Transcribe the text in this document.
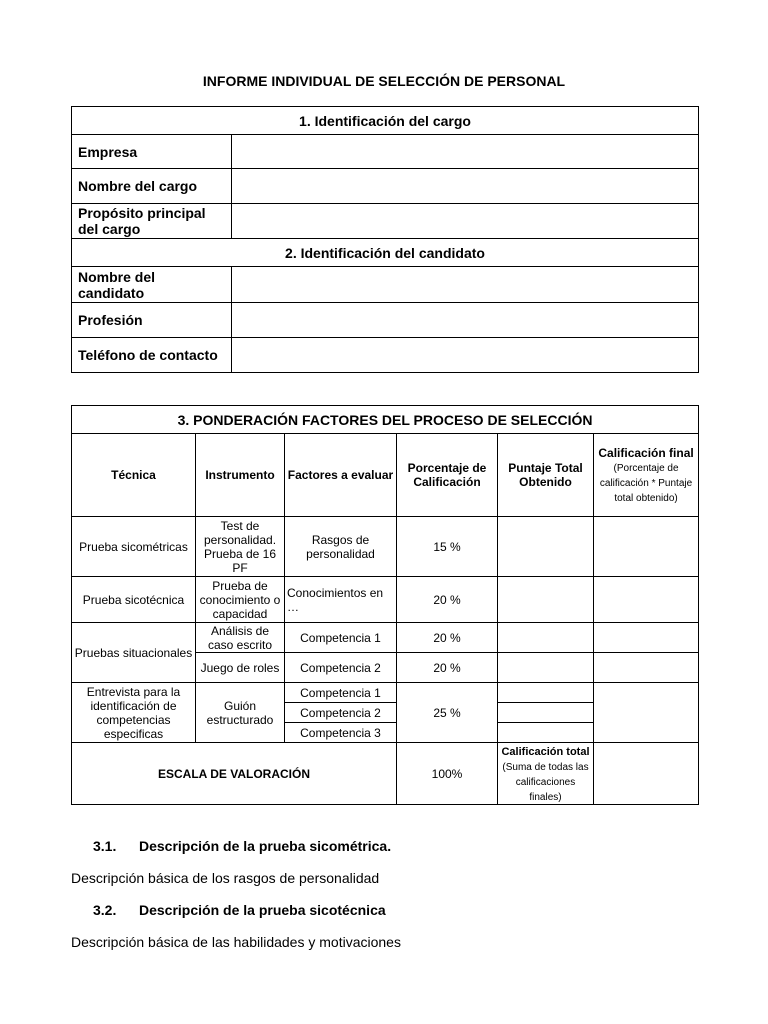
INFORME INDIVIDUAL DE SELECCIÓN DE PERSONAL
1. Identificación del cargo	
Empresa	
Nombre del cargo	
Propósito principal del cargo	
2. Identificación del candidato	
Nombre del candidato	
Profesión	
Teléfono de contacto	
3. PONDERACIÓN FACTORES DEL PROCESO DE SELECCIÓN					
Técnica	Instrumento	Factores a evaluar	Porcentaje de Calificación	Puntaje Total Obtenido	Calificación final
(Porcentaje de calificación * Puntaje total obtenido)
Prueba sicométricas	Test de personalidad. Prueba de 16 PF	Rasgos de personalidad	15 %		
Prueba sicotécnica	Prueba de conocimiento o capacidad	Conocimientos en …	20 %		
Pruebas situacionales	Análisis de caso escrito	Competencia 1	20 %		
	Juego de roles	Competencia 2	20 %		
Entrevista para la identificación de competencias especificas	Guión estructurado	Competencia 1	25 %		
		Competencia 2			
		Competencia 3			
ESCALA DE VALORACIÓN			100%	Calificación total
(Suma de todas las calificaciones finales)	
3.1. Descripción de la prueba sicométrica.
Descripción básica de los rasgos de personalidad
3.2. Descripción de la prueba sicotécnica
Descripción básica de las habilidades y motivaciones
